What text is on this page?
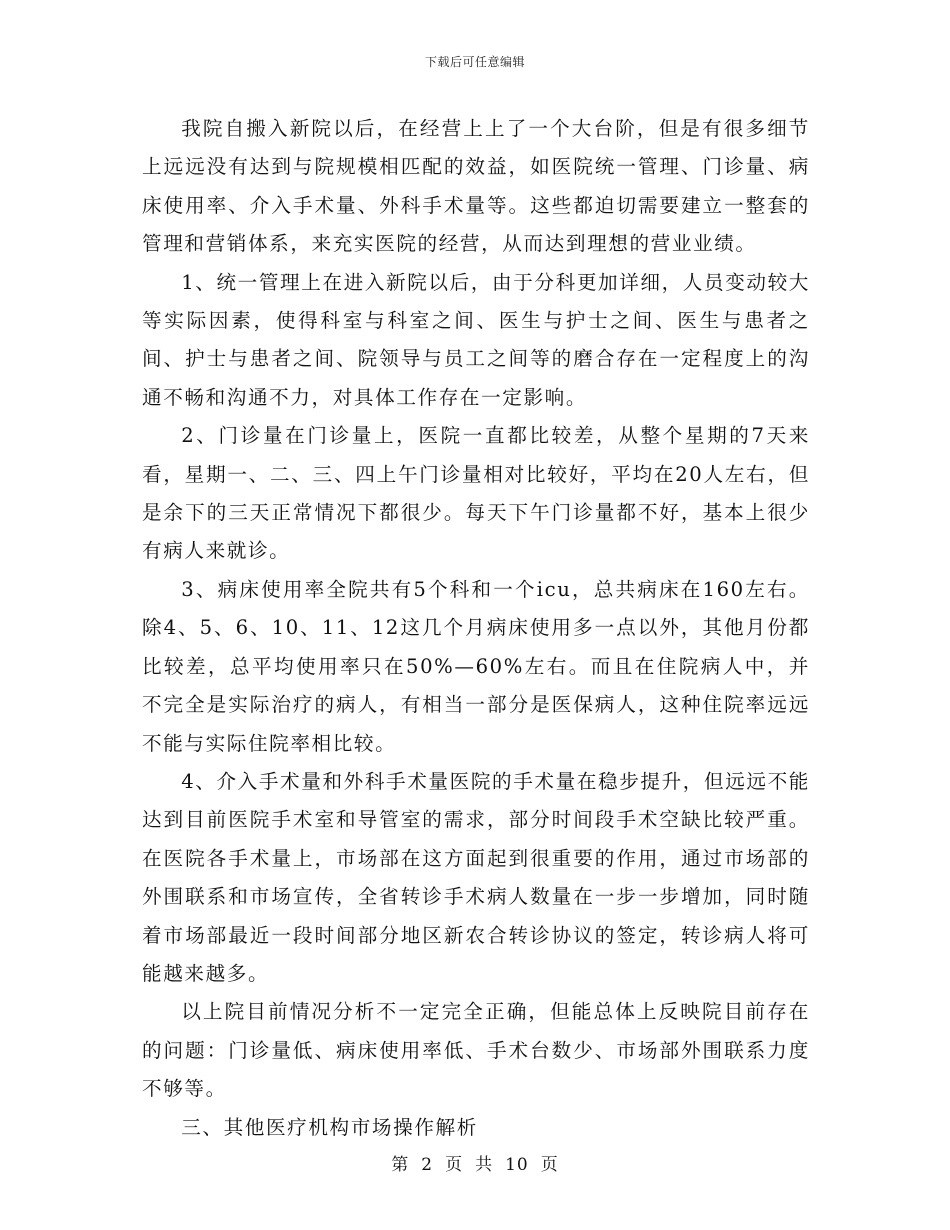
下载后可任意编辑

我院自搬入新院以后，在经营上上了一个大台阶，但是有很多细节上远远没有达到与院规模相匹配的效益，如医院统一管理、门诊量、病床使用率、介入手术量、外科手术量等。这些都迫切需要建立一整套的管理和营销体系，来充实医院的经营，从而达到理想的营业业绩。

1、统一管理上在进入新院以后，由于分科更加详细，人员变动较大等实际因素，使得科室与科室之间、医生与护士之间、医生与患者之间、护士与患者之间、院领导与员工之间等的磨合存在一定程度上的沟通不畅和沟通不力，对具体工作存在一定影响。

2、门诊量在门诊量上，医院一直都比较差，从整个星期的7天来看，星期一、二、三、四上午门诊量相对比较好，平均在20人左右，但是余下的三天正常情况下都很少。每天下午门诊量都不好，基本上很少有病人来就诊。

3、病床使用率全院共有5个科和一个icu，总共病床在160左右。除4、5、6、10、11、12这几个月病床使用多一点以外，其他月份都比较差，总平均使用率只在50%—60%左右。而且在住院病人中，并不完全是实际治疗的病人，有相当一部分是医保病人，这种住院率远远不能与实际住院率相比较。

4、介入手术量和外科手术量医院的手术量在稳步提升，但远远不能达到目前医院手术室和导管室的需求，部分时间段手术空缺比较严重。在医院各手术量上，市场部在这方面起到很重要的作用，通过市场部的外围联系和市场宣传，全省转诊手术病人数量在一步一步增加，同时随着市场部最近一段时间部分地区新农合转诊协议的签定，转诊病人将可能越来越多。

以上院目前情况分析不一定完全正确，但能总体上反映院目前存在的问题：门诊量低、病床使用率低、手术台数少、市场部外围联系力度不够等。

三、其他医疗机构市场操作解析

第 2 页 共 10 页
